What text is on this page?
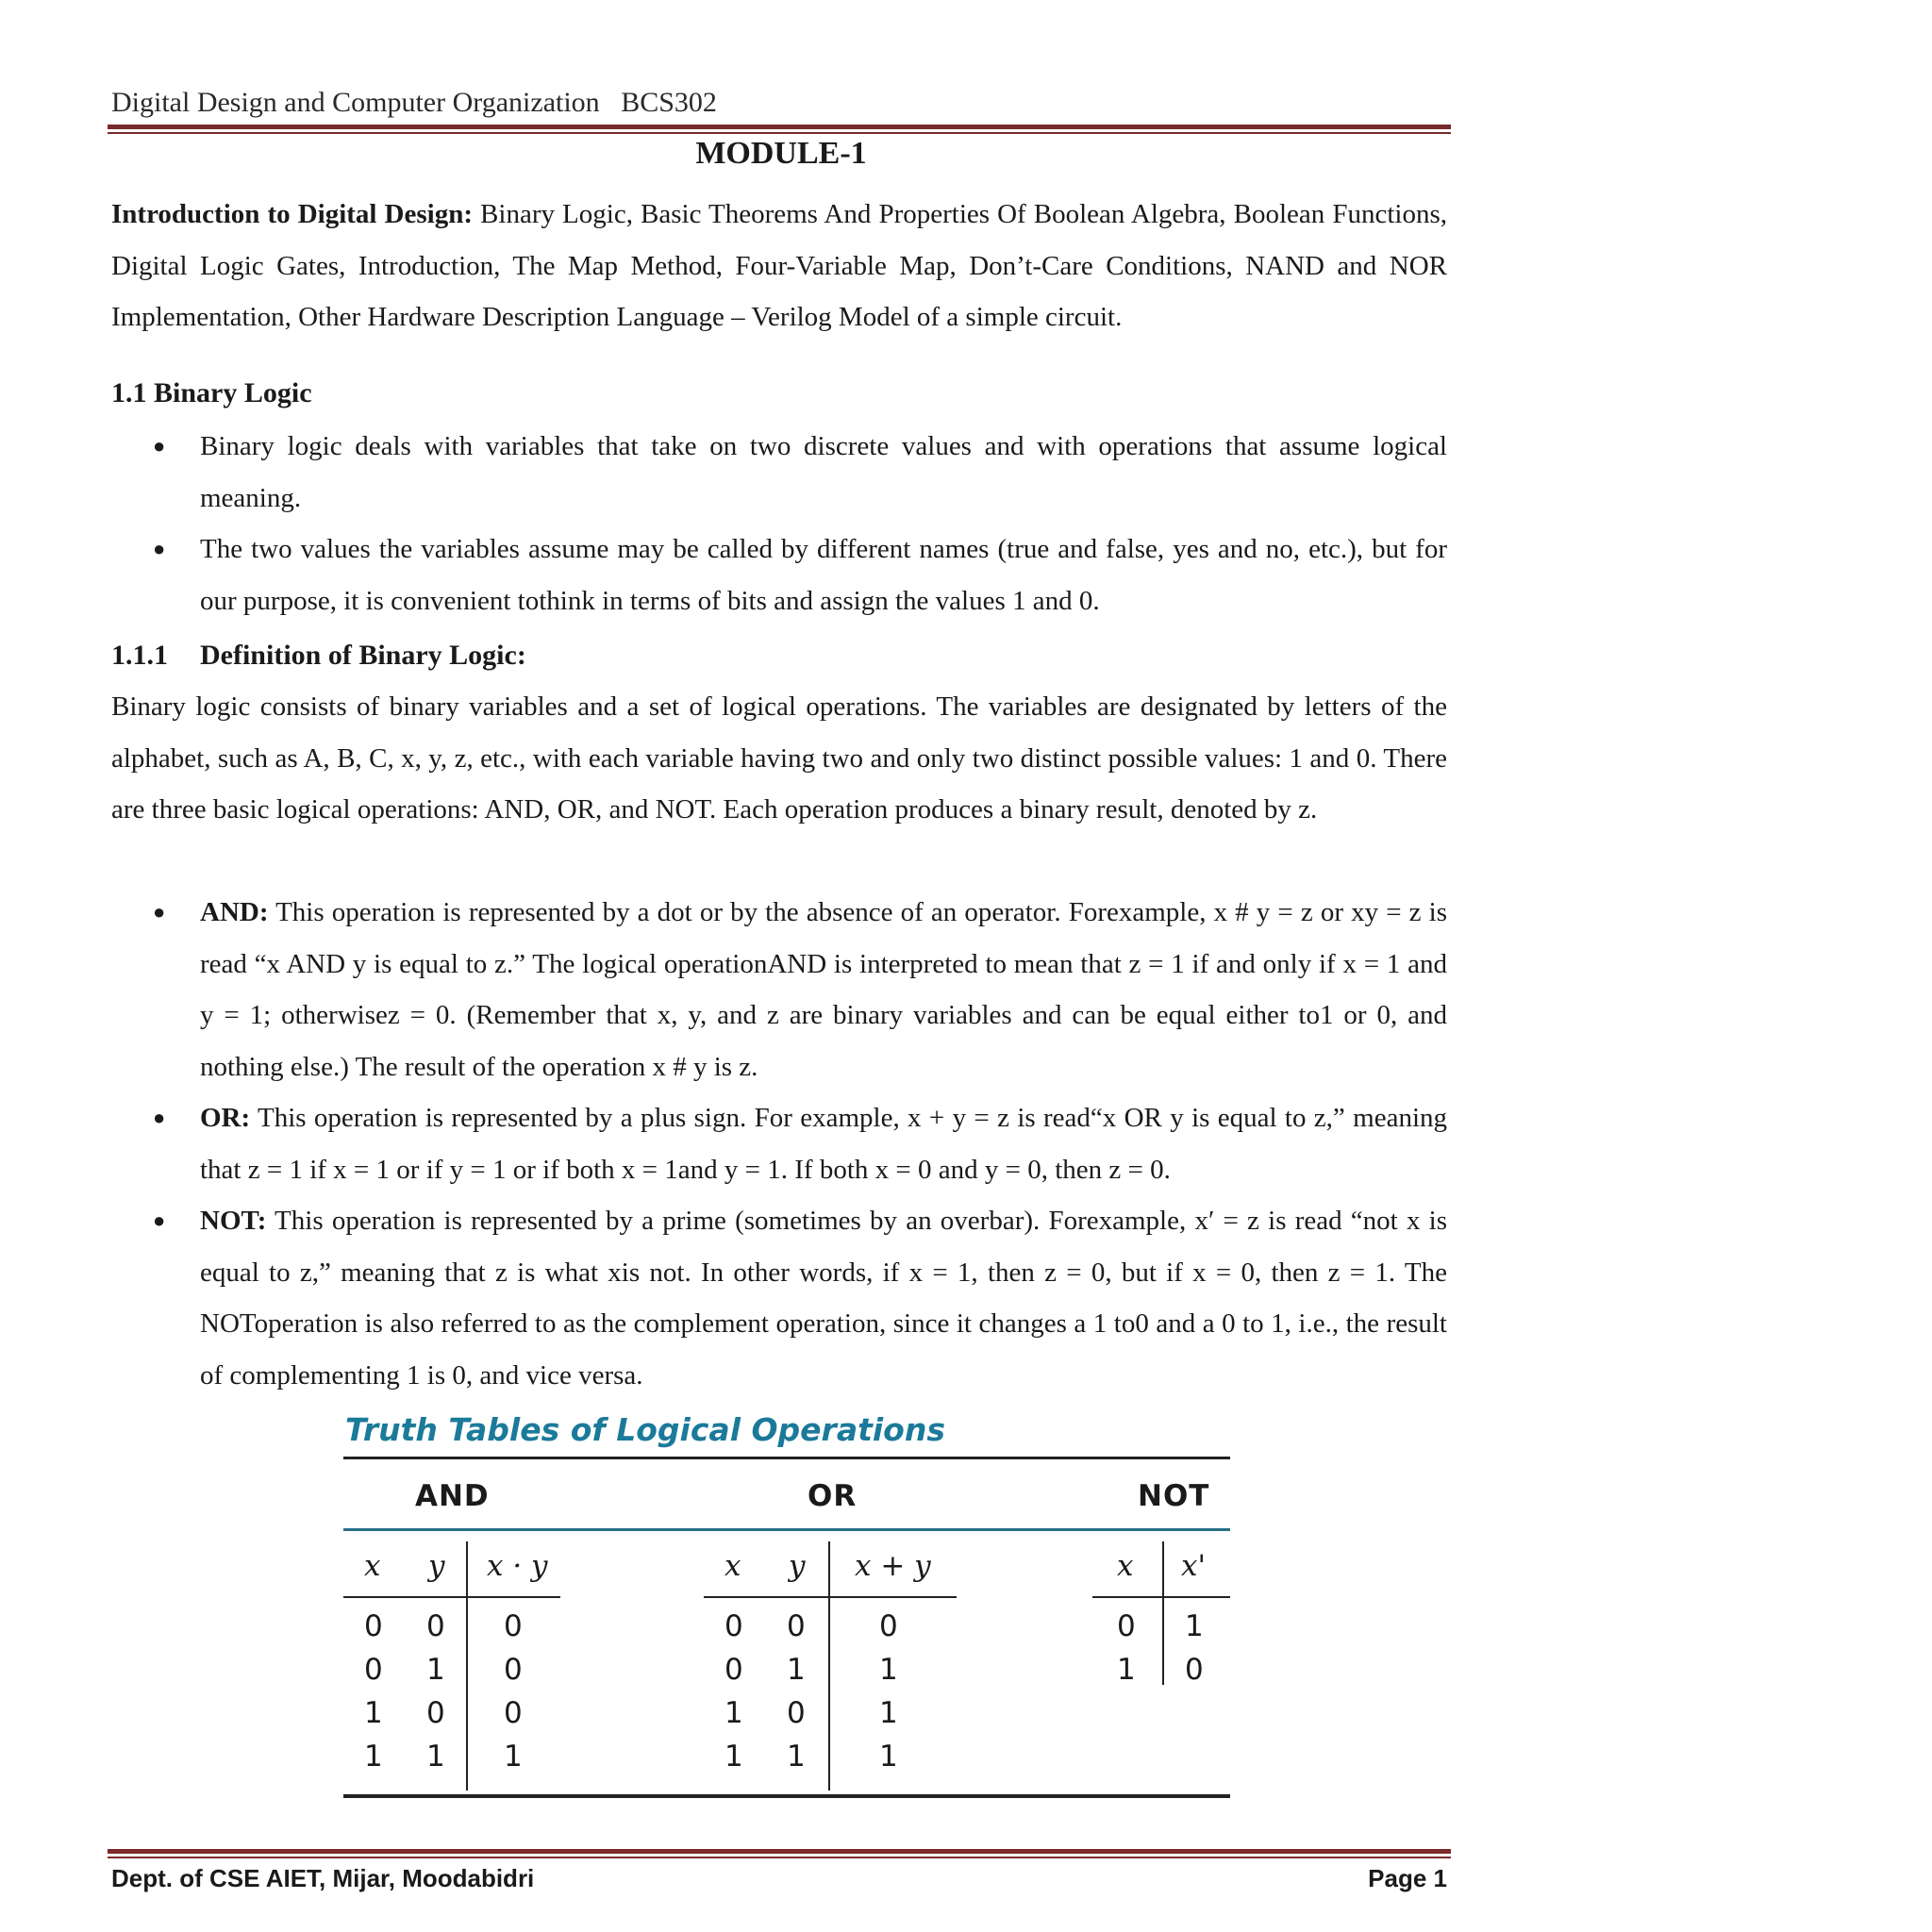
Digital Design and Computer Organization BCS302
MODULE-1
Introduction to Digital Design: Binary Logic, Basic Theorems And Properties Of Boolean Algebra, Boolean Functions, Digital Logic Gates, Introduction, The Map Method, Four-Variable Map, Don’t-Care Conditions, NAND and NOR Implementation, Other Hardware Description Language – Verilog Model of a simple circuit.
1.1 Binary Logic
● Binary logic deals with variables that take on two discrete values and with operations that assume logical meaning.
● The two values the variables assume may be called by different names (true and false, yes and no, etc.), but for our purpose, it is convenient tothink in terms of bits and assign the values 1 and 0.
1.1.1 Definition of Binary Logic:
Binary logic consists of binary variables and a set of logical operations. The variables are designated by letters of the alphabet, such as A, B, C, x, y, z, etc., with each variable having two and only two distinct possible values: 1 and 0. There are three basic logical operations: AND, OR, and NOT. Each operation produces a binary result, denoted by z.
● AND: This operation is represented by a dot or by the absence of an operator. Forexample, x # y = z or xy = z is read “x AND y is equal to z.” The logical operationAND is interpreted to mean that z = 1 if and only if x = 1 and y = 1; otherwisez = 0. (Remember that x, y, and z are binary variables and can be equal either to1 or 0, and nothing else.) The result of the operation x # y is z.
● OR: This operation is represented by a plus sign. For example, x + y = z is read“x OR y is equal to z,” meaning that z = 1 if x = 1 or if y = 1 or if both x = 1and y = 1. If both x = 0 and y = 0, then z = 0.
● NOT: This operation is represented by a prime (sometimes by an overbar). Forexample, x′ = z is read “not x is equal to z,” meaning that z is what xis not. In other words, if x = 1, then z = 0, but if x = 0, then z = 1. The NOToperation is also referred to as the complement operation, since it changes a 1 to0 and a 0 to 1, i.e., the result of complementing 1 is 0, and vice versa.
Truth Tables of Logical Operations
AND	OR	NOT
x y x · y
0 0 0
0 1 0
1 0 0
1 1 1
x y x + y
0 0	0
0 1	1
1 0	1
1 1	1
x x'
0 1
1 0
Dept. of CSE AIET, Mijar, Moodabidri	Page 1
